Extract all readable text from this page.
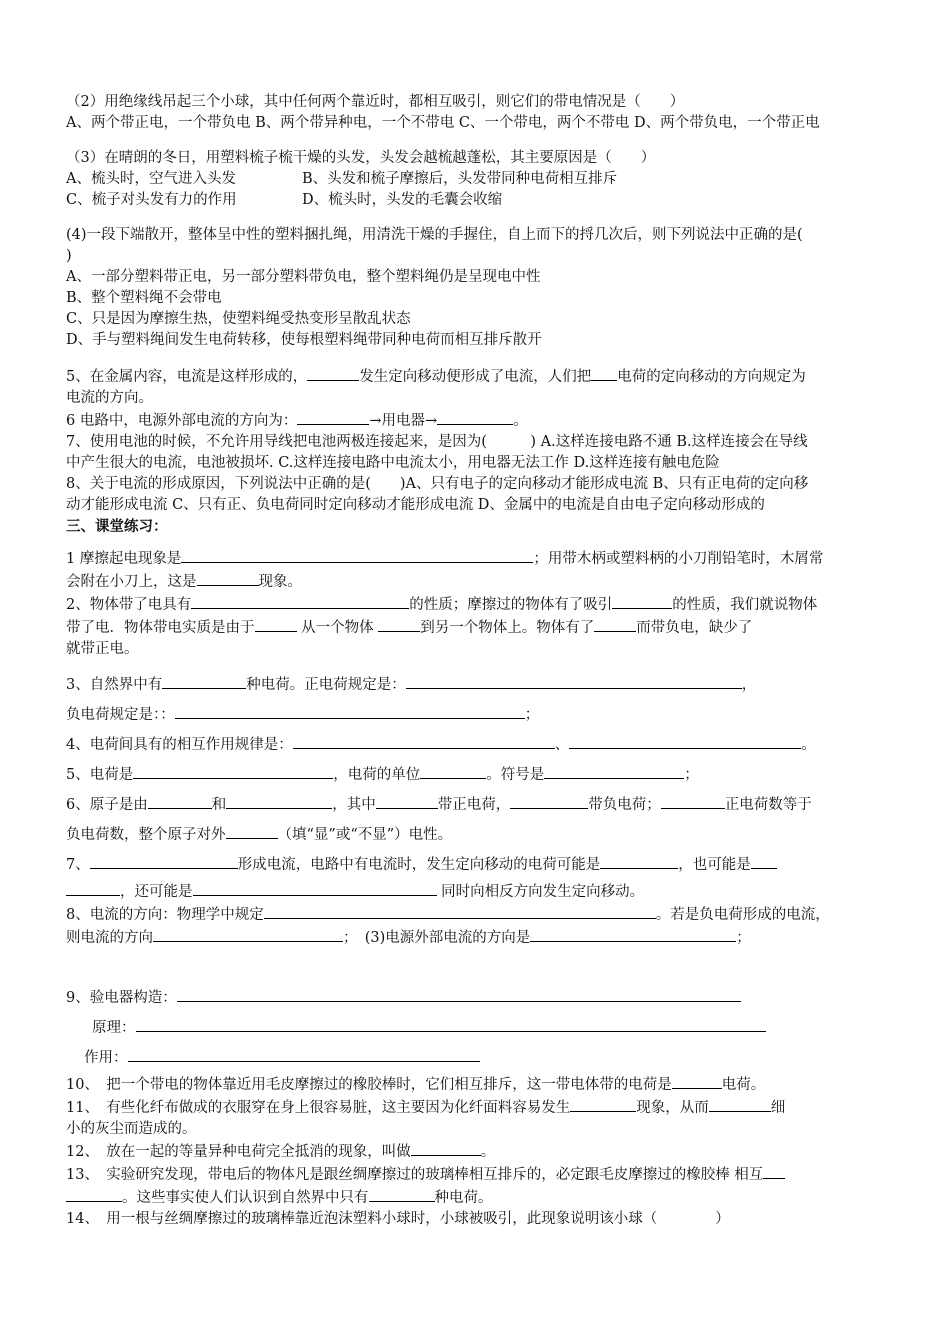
（2）用绝缘线吊起三个小球，其中任何两个靠近时，都相互吸引，则它们的带电情况是（　　）
A、两个带正电，一个带负电 B、两个带异种电，一个不带电 C、一个带电，两个不带电 D、两个带负电，一个带正电
（3）在晴朗的冬日，用塑料梳子梳干燥的头发，头发会越梳越蓬松，其主要原因是（　　）
A、梳头时，空气进入头发	B、头发和梳子摩擦后，头发带同种电荷相互排斥
C、梳子对头发有力的作用	D、梳头时，头发的毛囊会收缩
(4)一段下端散开，整体呈中性的塑料捆扎绳，用清洗干燥的手握住，自上而下的捋几次后，则下列说法中正确的是(
)
A、一部分塑料带正电，另一部分塑料带负电，整个塑料绳仍是呈现电中性
B、整个塑料绳不会带电
C、只是因为摩擦生热，使塑料绳受热变形呈散乱状态
D、手与塑料绳间发生电荷转移，使每根塑料绳带同种电荷而相互排斥散开
5、在金属内容，电流是这样形成的，	发生定向移动便形成了电流，人们把 电荷的定向移动的方向规定为
电流的方向。
6 电路中，电源外部电流的方向为：	→用电器→	。
7、使用电池的时候，不允许用导线把电池两极连接起来，是因为(　　　) A.这样连接电路不通 B.这样连接会在导线
中产生很大的电流，电池被损坏. C.这样连接电路中电流太小，用电器无法工作 D.这样连接有触电危险
8、关于电流的形成原因，下列说法中正确的是(　　)A、只有电子的定向移动才能形成电流 B、只有正电荷的定向移
动才能形成电流 C、只有正、负电荷同时定向移动才能形成电流 D、金属中的电流是自由电子定向移动形成的
三、课堂练习：
1 摩擦起电现象是	；用带木柄或塑料柄的小刀削铅笔时，木屑常
会附在小刀上，这是	现象。
2、物体带了电具有	的性质；摩擦过的物体有了吸引	的性质，我们就说物体
带了电．物体带电实质是由于	从一个物体	到另一个物体上。物体有了	而带负电，缺少了
就带正电。
3、自然界中有	种电荷。正电荷规定是：	，
负电荷规定是：：	；
4、电荷间具有的相互作用规律是：	、	。
5、电荷是	，电荷的单位	。符号是	；
6、原子是由	和	，其中	带正电荷，	带负电荷；	正电荷数等于
负电荷数，整个原子对外	（填“显”或“不显”）电性。
7、	形成电流，电路中有电流时，发生定向移动的电荷可能是	，也可能是
，还可能是	同时向相反方向发生定向移动。
8、电流的方向：物理学中规定	。若是负电荷形成的电流，
则电流的方向	；　(3)电源外部电流的方向是	；
9、验电器构造：
原理：
作用：
10、　把一个带电的物体靠近用毛皮摩擦过的橡胶棒时，它们相互排斥，这一带电体带的电荷是	电荷。
11、　有些化纤布做成的衣服穿在身上很容易脏，这主要因为化纤面料容易发生	现象，从而	细
小的灰尘而造成的。
12、　放在一起的等量异种电荷完全抵消的现象，叫做	。
13、　实验研究发现，带电后的物体凡是跟丝绸摩擦过的玻璃棒相互排斥的，必定跟毛皮摩擦过的橡胶棒 相互
。这些事实使人们认识到自然界中只有	种电荷。
14、　用一根与丝绸摩擦过的玻璃棒靠近泡沫塑料小球时，小球被吸引，此现象说明该小球（　　　　）
